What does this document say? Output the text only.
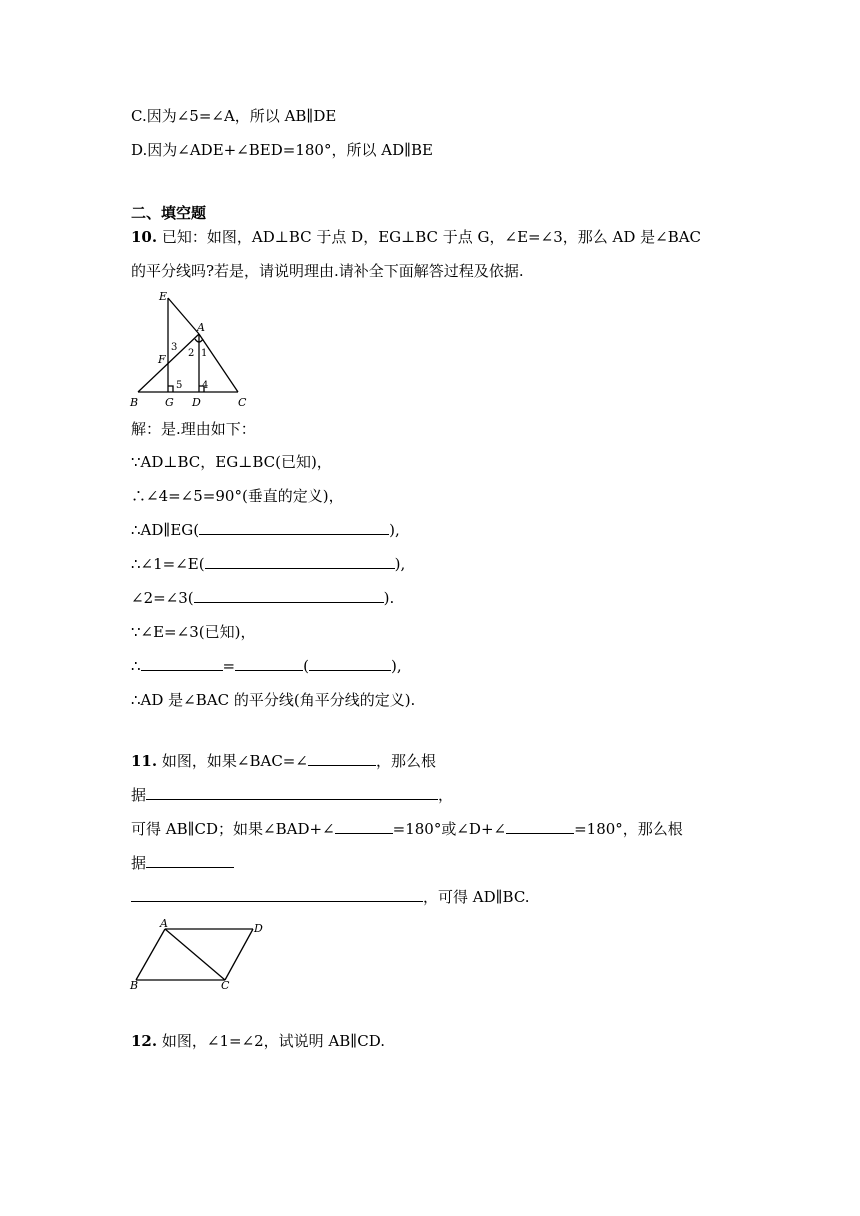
C.因为∠5=∠A，所以 AB∥DE
D.因为∠ADE+∠BED=180°，所以 AD∥BE
二、填空题
10. 已知：如图，AD⊥BC 于点 D，EG⊥BC 于点 G，∠E=∠3，那么 AD 是∠BAC
的平分线吗?若是，请说明理由.请补全下面解答过程及依据.
E
A
F
B G D	C
1
2
3
4
5
解：是.理由如下：
∵AD⊥BC，EG⊥BC(已知)，
∴∠4=∠5=90°(垂直的定义)，
∴AD∥EG(	),
∴∠1=∠E(	),
∠2=∠3(	).
∵∠E=∠3(已知)，
∴	=	(	),
∴AD 是∠BAC 的平分线(角平分线的定义).
11. 如图，如果∠BAC=∠	，那么根
据	，
可得 AB∥CD；如果∠BAD+∠	=180°或∠D+∠	=180°，那么根
据
，可得 AD∥BC.
A	D
B	C
12. 如图，∠1=∠2，试说明 AB∥CD.
